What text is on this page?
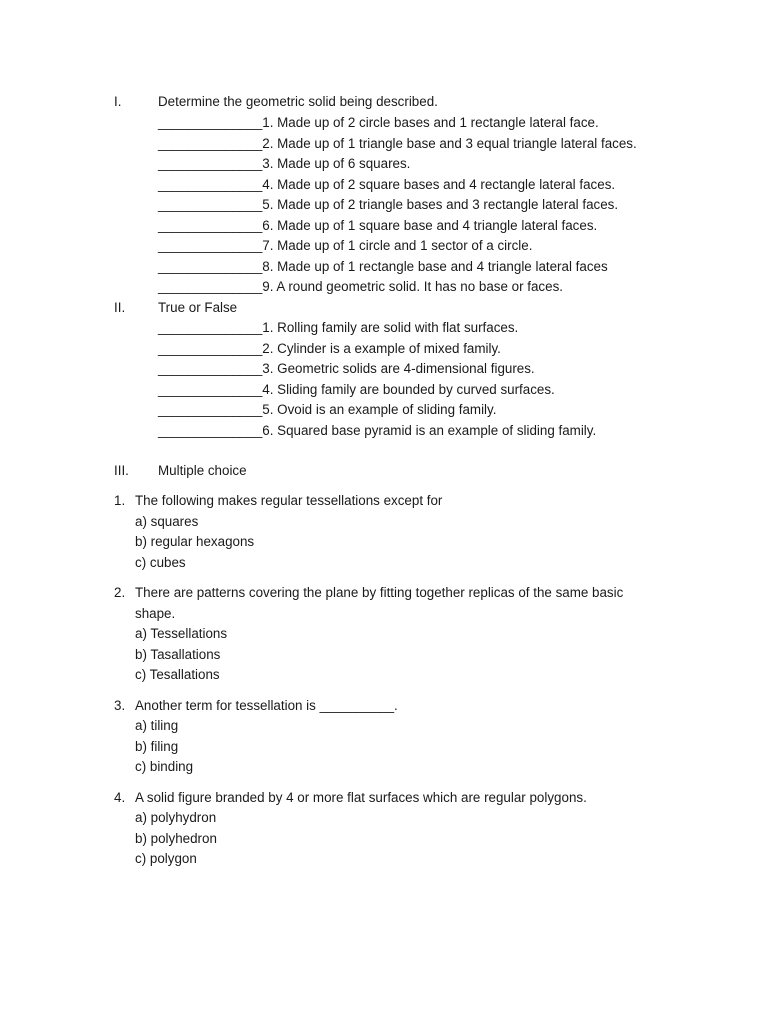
I.	Determine the geometric solid being described.
______________1. Made up of 2 circle bases and 1 rectangle lateral face.
______________2. Made up of 1 triangle base and 3 equal triangle lateral faces.
______________3. Made up of 6 squares.
______________4. Made up of 2 square bases and 4 rectangle lateral faces.
______________5. Made up of 2 triangle bases and 3 rectangle lateral faces.
______________6. Made up of 1 square base and 4 triangle lateral faces.
______________7. Made up of 1 circle and 1 sector of a circle.
______________8. Made up of 1 rectangle base and 4 triangle lateral faces
______________9. A round geometric solid. It has no base or faces.
II.	True or False
______________1. Rolling family are solid with flat surfaces.
______________2. Cylinder is a example of mixed family.
______________3. Geometric solids are 4-dimensional figures.
______________4. Sliding family are bounded by curved surfaces.
______________5. Ovoid is an example of sliding family.
______________6. Squared base pyramid is an example of sliding family.
III.	Multiple choice
1. The following makes regular tessellations except for
a) squares
b) regular hexagons
c) cubes
2. There are patterns covering the plane by fitting together replicas of the same basic shape.
a) Tessellations
b) Tasallations
c) Tesallations
3. Another term for tessellation is __________.
a) tiling
b) filing
c) binding
4. A solid figure branded by 4 or more flat surfaces which are regular polygons.
a) polyhydron
b) polyhedron
c) polygon
